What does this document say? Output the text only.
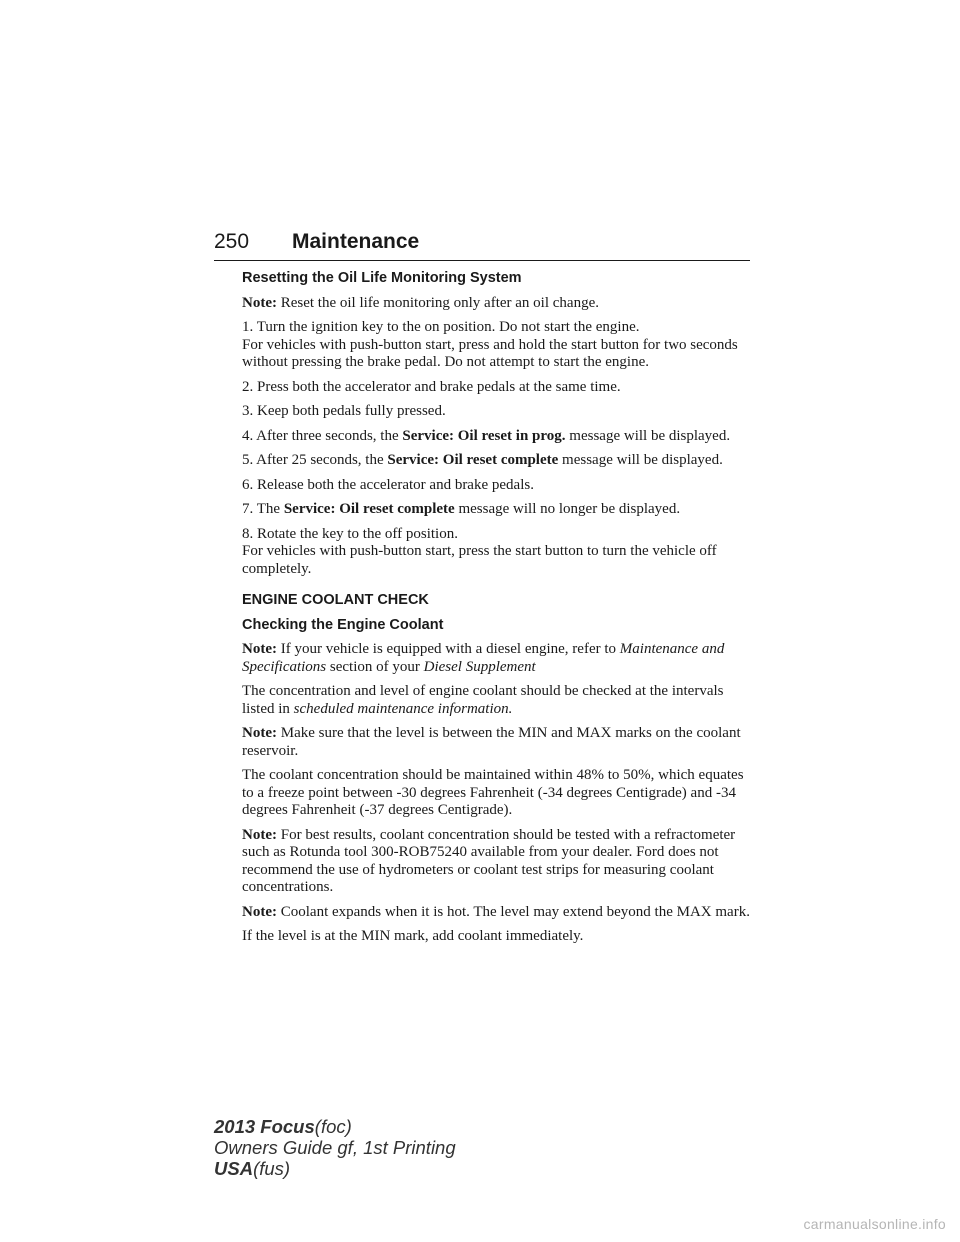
250 Maintenance

Resetting the Oil Life Monitoring System

Note: Reset the oil life monitoring only after an oil change.

1. Turn the ignition key to the on position. Do not start the engine.
For vehicles with push-button start, press and hold the start button for two seconds without pressing the brake pedal. Do not attempt to start the engine.

2. Press both the accelerator and brake pedals at the same time.

3. Keep both pedals fully pressed.

4. After three seconds, the Service: Oil reset in prog. message will be displayed.

5. After 25 seconds, the Service: Oil reset complete message will be displayed.

6. Release both the accelerator and brake pedals.

7. The Service: Oil reset complete message will no longer be displayed.

8. Rotate the key to the off position.
For vehicles with push-button start, press the start button to turn the vehicle off completely.

ENGINE COOLANT CHECK

Checking the Engine Coolant

Note: If your vehicle is equipped with a diesel engine, refer to Maintenance and Specifications section of your Diesel Supplement

The concentration and level of engine coolant should be checked at the intervals listed in scheduled maintenance information.

Note: Make sure that the level is between the MIN and MAX marks on the coolant reservoir.

The coolant concentration should be maintained within 48% to 50%, which equates to a freeze point between -30 degrees Fahrenheit (-34 degrees Centigrade) and -34 degrees Fahrenheit (-37 degrees Centigrade).

Note: For best results, coolant concentration should be tested with a refractometer such as Rotunda tool 300-ROB75240 available from your dealer. Ford does not recommend the use of hydrometers or coolant test strips for measuring coolant concentrations.

Note: Coolant expands when it is hot. The level may extend beyond the MAX mark.

If the level is at the MIN mark, add coolant immediately.

2013 Focus(foc)
Owners Guide gf, 1st Printing
USA(fus)
carmanualsonline.info
